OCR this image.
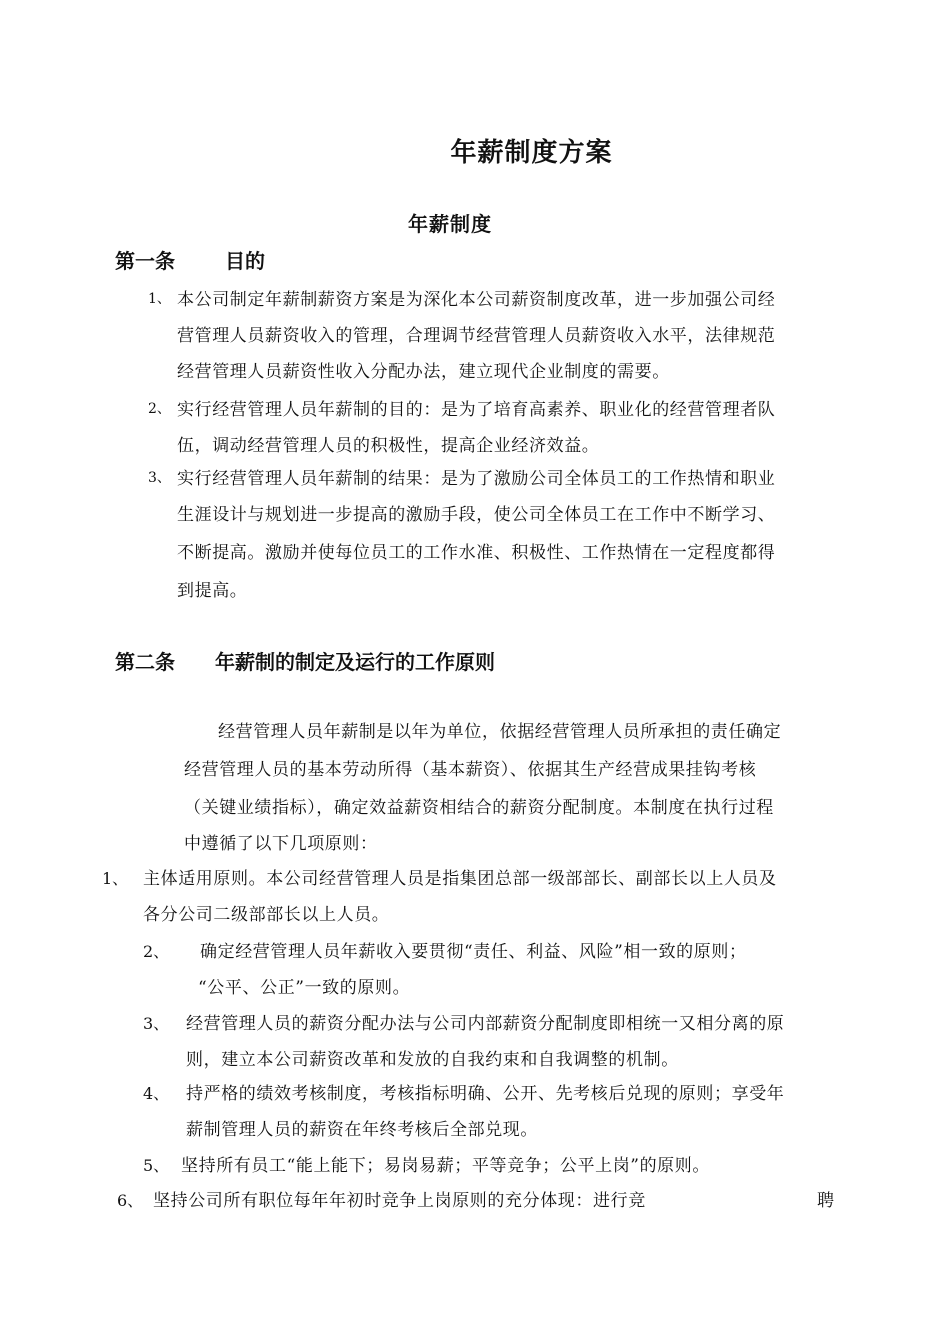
年薪制度方案
年薪制度
第一条	目的
1、 本公司制定年薪制薪资方案是为深化本公司薪资制度改革，进一步加强公司经
营管理人员薪资收入的管理，合理调节经营管理人员薪资收入水平，法律规范
经营管理人员薪资性收入分配办法，建立现代企业制度的需要。
2、 实行经营管理人员年薪制的目的：是为了培育高素养、职业化的经营管理者队
伍，调动经营管理人员的积极性，提高企业经济效益。
3、 实行经营管理人员年薪制的结果：是为了激励公司全体员工的工作热情和职业
生涯设计与规划进一步提高的激励手段，使公司全体员工在工作中不断学习、
不断提高。激励并使每位员工的工作水准、积极性、工作热情在一定程度都得
到提高。
第二条 年薪制的制定及运行的工作原则
经营管理人员年薪制是以年为单位，依据经营管理人员所承担的责任确定
经营管理人员的基本劳动所得（基本薪资）、依据其生产经营成果挂钩考核
（关键业绩指标），确定效益薪资相结合的薪资分配制度。本制度在执行过程
中遵循了以下几项原则：
1、 主体适用原则。本公司经营管理人员是指集团总部一级部部长、副部长以上人员及
各分公司二级部部长以上人员。
2、 确定经营管理人员年薪收入要贯彻“责任、利益、风险”相一致的原则；
“公平、公正”一致的原则。
3、 经营管理人员的薪资分配办法与公司内部薪资分配制度即相统一又相分离的原
则，建立本公司薪资改革和发放的自我约束和自我调整的机制。
4、 持严格的绩效考核制度，考核指标明确、公开、先考核后兑现的原则；享受年
薪制管理人员的薪资在年终考核后全部兑现。
5、 坚持所有员工“能上能下；易岗易薪；平等竞争；公平上岗”的原则。
6、 坚持公司所有职位每年年初时竞争上岗原则的充分体现：进行竞	聘
